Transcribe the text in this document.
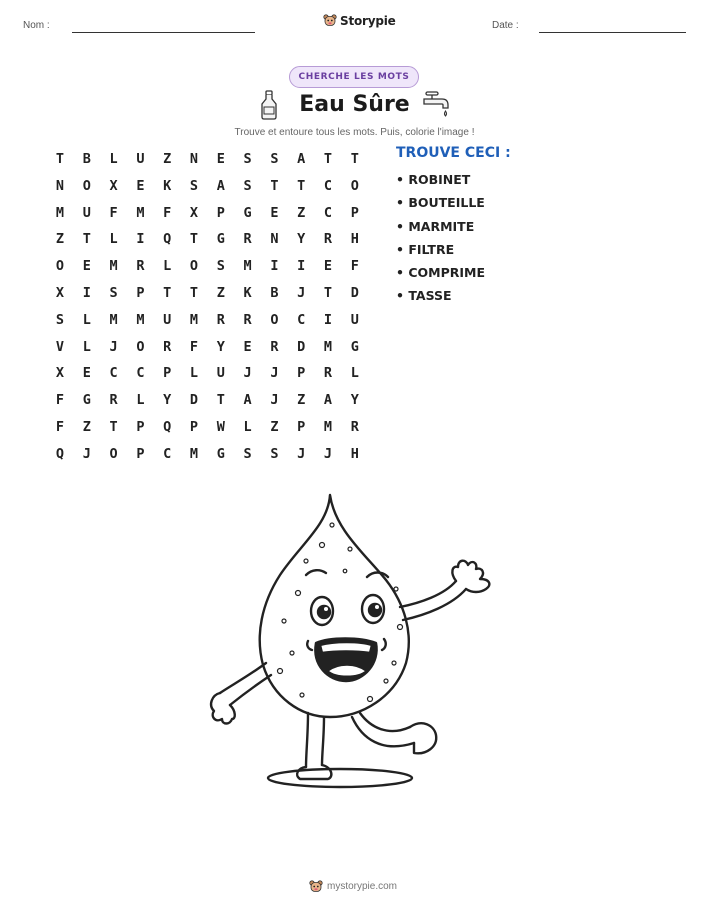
Nom :	Storypie	Date :
CHERCHE LES MOTS
Eau Sûre
Trouve et entoure tous les mots. Puis, colorie l'image !
T	B	L	U	Z	N	E	S	S	A	T	T
N	O	X	E	K	S	A	S	T	T	C	O
M	U	F	M	F	X	P	G	E	Z	C	P
Z	T	L	I	Q	T	G	R	N	Y	R	H
O	E	M	R	L	O	S	M	I	I	E	F
X	I	S	P	T	T	Z	K	B	J	T	D
S	L	M	M	U	M	R	R	O	C	I	U
V	L	J	O	R	F	Y	E	R	D	M	G
X	E	C	C	P	L	U	J	J	P	R	L
F	G	R	L	Y	D	T	A	J	Z	A	Y
F	Z	T	P	Q	P	W	L	Z	P	M	R
Q	J	O	P	C	M	G	S	S	J	J	H
TROUVE CECI :
• ROBINET
• BOUTEILLE
• MARMITE
• FILTRE
• COMPRIME
• TASSE
mystorypie.com
